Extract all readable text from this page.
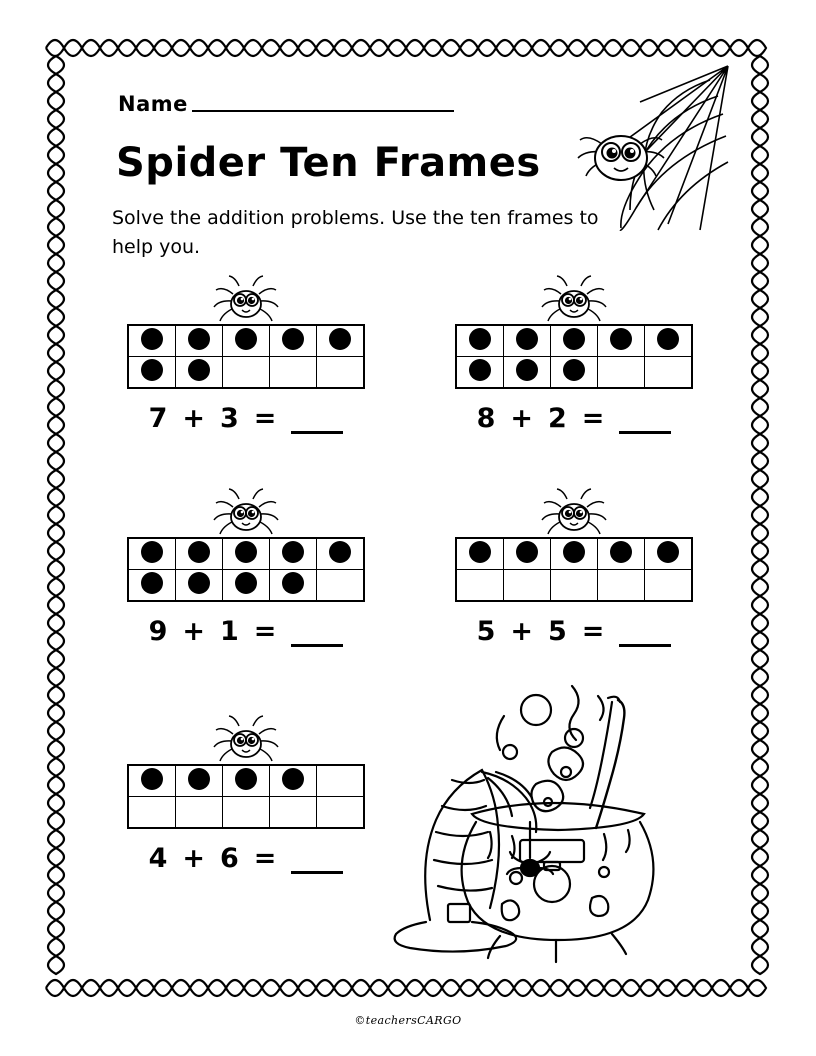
Name
Spider Ten Frames
Solve the addition problems. Use the ten frames to help you.

7 + 3 =

					8 + 2 =

9 + 1 =

					5 + 5 =

4 + 6 =
©teachersCARGO
